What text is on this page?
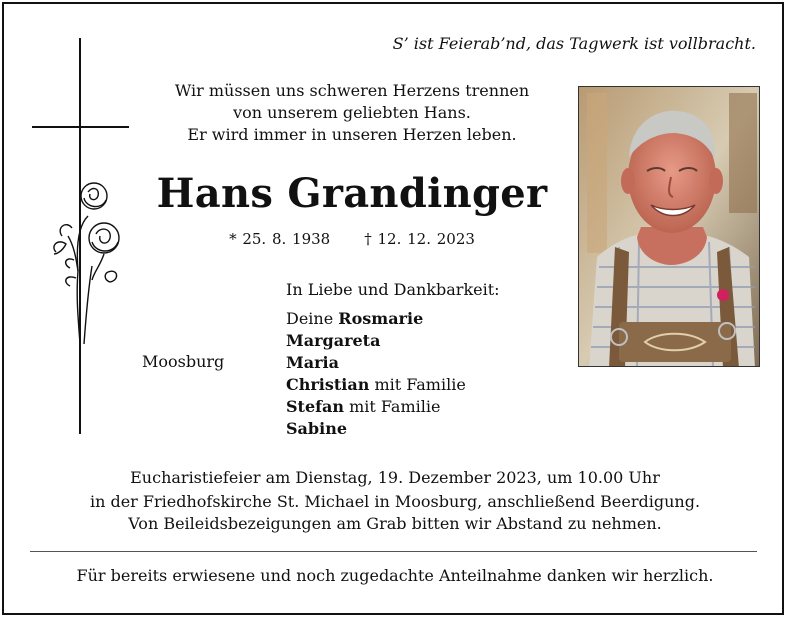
S’ ist Feierab’nd, das Tagwerk ist vollbracht.
Wir müssen uns schweren Herzens trennen
von unserem geliebten Hans.
Er wird immer in unseren Herzen leben.
Hans Grandinger
* 25. 8. 1938 † 12. 12. 2023
In Liebe und Dankbarkeit:
Moosburg
Deine Rosmarie
Margareta
Maria
Christian mit Familie
Stefan mit Familie
Sabine
Eucharistiefeier am Dienstag, 19. Dezember 2023, um 10.00 Uhr
in der Friedhofskirche St. Michael in Moosburg, anschließend Beerdigung.
Von Beileidsbezeigungen am Grab bitten wir Abstand zu nehmen.
Für bereits erwiesene und noch zugedachte Anteilnahme danken wir herzlich.
